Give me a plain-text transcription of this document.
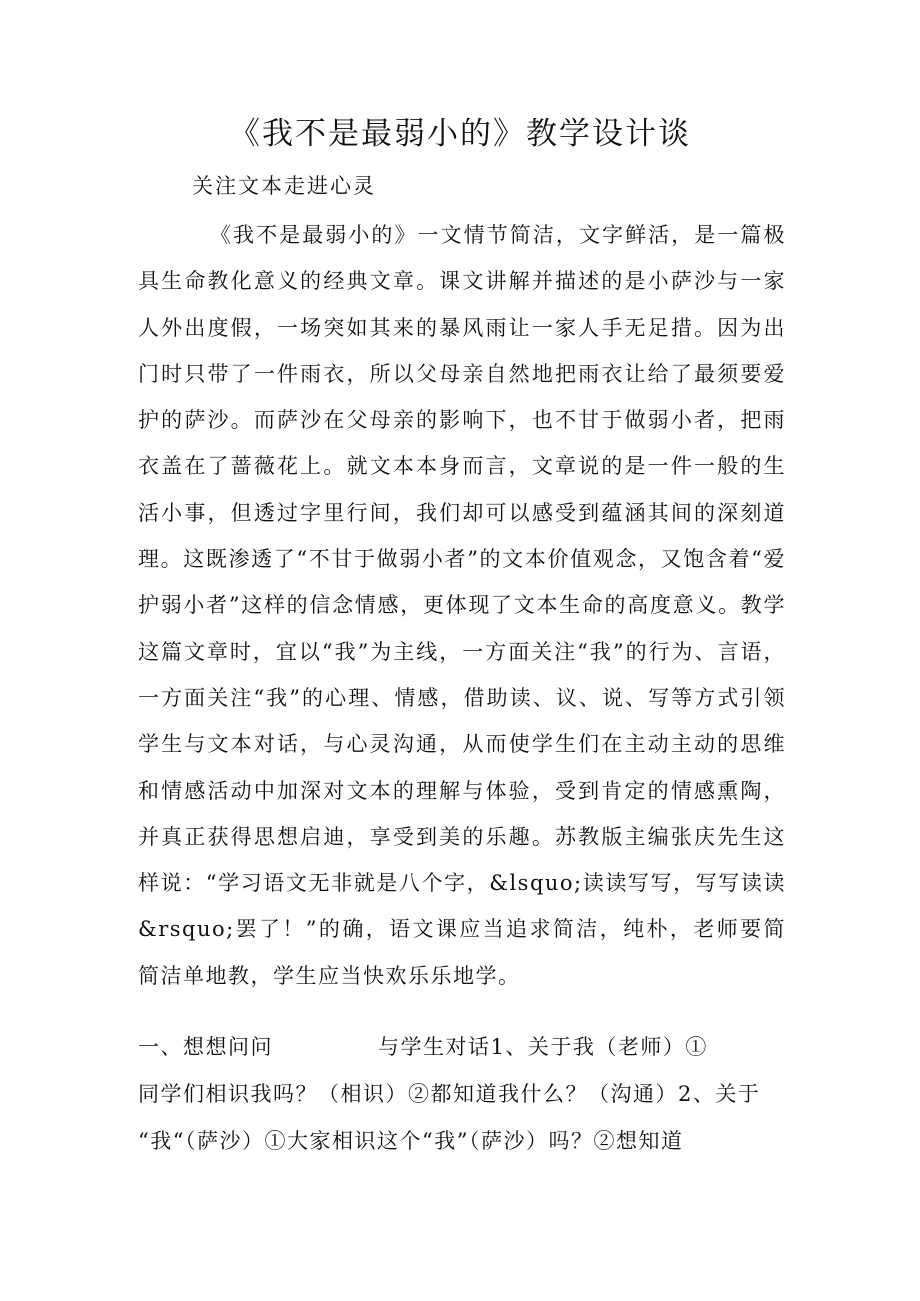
《我不是最弱小的》教学设计谈

关注文本走进心灵

《我不是最弱小的》一文情节简洁，文字鲜活，是一篇极具生命教化意义的经典文章。课文讲解并描述的是小萨沙与一家人外出度假，一场突如其来的暴风雨让一家人手无足措。因为出门时只带了一件雨衣，所以父母亲自然地把雨衣让给了最须要爱护的萨沙。而萨沙在父母亲的影响下，也不甘于做弱小者，把雨衣盖在了蔷薇花上。就文本本身而言，文章说的是一件一般的生活小事，但透过字里行间，我们却可以感受到蕴涵其间的深刻道理。这既渗透了“不甘于做弱小者”的文本价值观念，又饱含着“爱护弱小者”这样的信念情感，更体现了文本生命的高度意义。教学这篇文章时，宜以“我”为主线，一方面关注“我”的行为、言语，一方面关注“我”的心理、情感，借助读、议、说、写等方式引领学生与文本对话，与心灵沟通，从而使学生们在主动主动的思维和情感活动中加深对文本的理解与体验，受到肯定的情感熏陶，并真正获得思想启迪，享受到美的乐趣。苏教版主编张庆先生这样说：“学习语文无非就是八个字，&lsquo;读读写写，写写读读&rsquo;罢了！”的确，语文课应当追求简洁，纯朴，老师要简简洁单地教，学生应当快欢乐乐地学。

一、想想问问	与学生对话1、关于我（老师）①

同学们相识我吗？（相识）②都知道我什么？（沟通）2、关于

“我“（萨沙）①大家相识这个“我”（萨沙）吗？②想知道
